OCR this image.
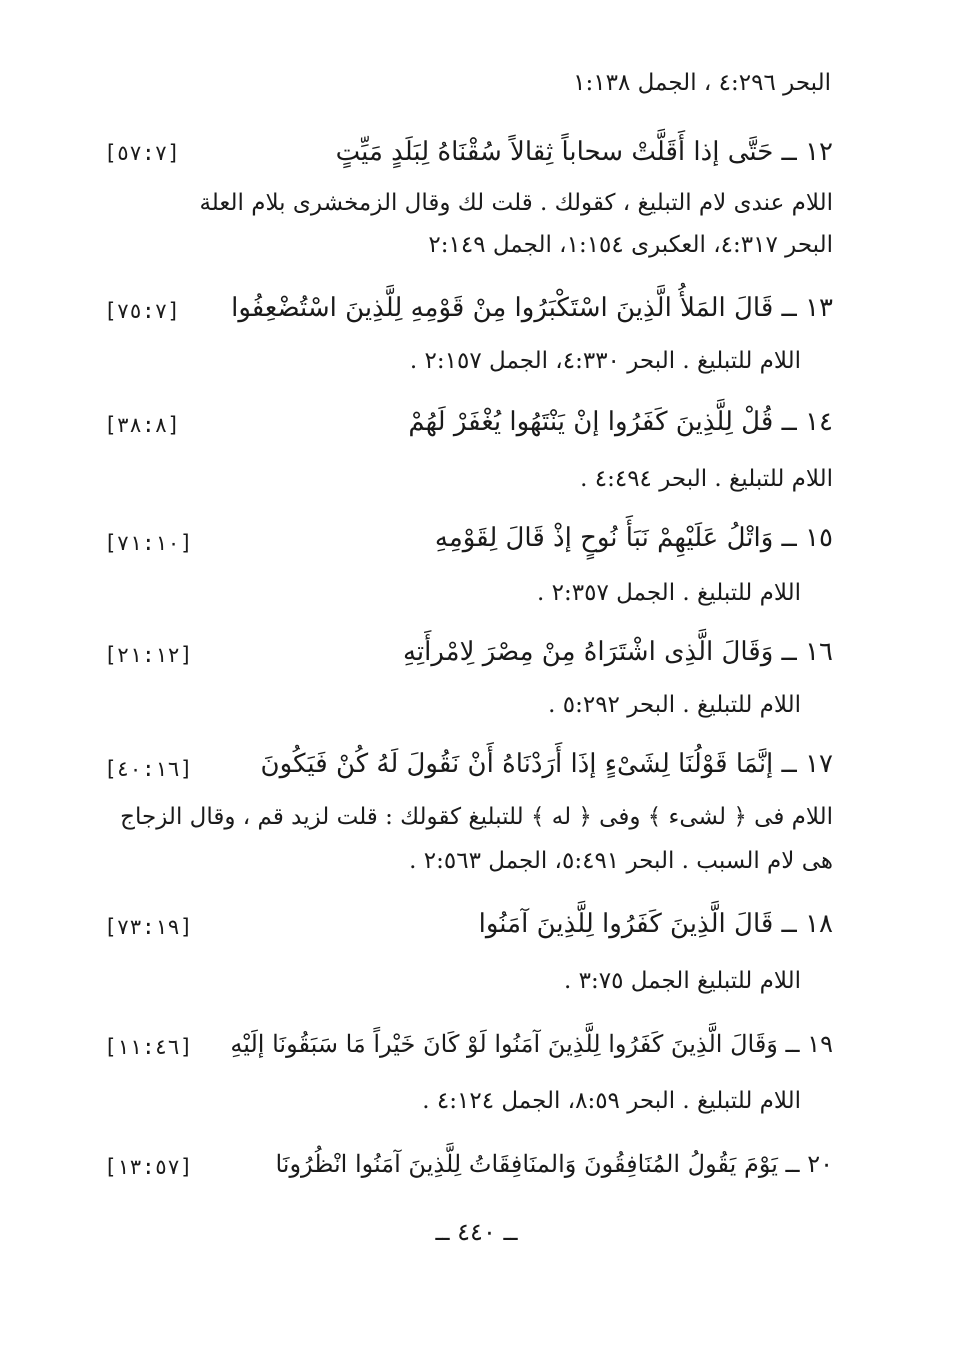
البحر ٤:٢٩٦ ، الجمل ١:١٣٨
١٢ ــ حَتَّى إذا أَقَلَّتْ سحاباً ثِقالاً سُقْنَاهُ لِبَلَدٍ مَيِّتٍ
[٥٧:٧]
اللام عندى لام التبليغ ، كقولك . قلت لك وقال الزمخشرى بلام العلة
البحر ٤:٣١٧، العكبرى ١:١٥٤، الجمل ٢:١٤٩
١٣ ــ قَالَ المَلأُ الَّذِينَ اسْتَكْبَرُوا مِنْ قَوْمِهِ لِلَّذِينَ اسْتُضْعِفُوا
[٧٥:٧]
اللام للتبليغ . البحر ٤:٣٣٠، الجمل ٢:١٥٧ .
١٤ ــ قُلْ لِلَّذِينَ كَفَرُوا إنْ يَنْتَهُوا يُغْفَرْ لَهُمْ
[٣٨:٨]
اللام للتبليغ . البحر ٤:٤٩٤ .
١٥ ــ وَاتْلُ عَلَيْهِمْ نَبَأَ نُوحٍ إذْ قَالَ لِقَوْمِهِ
[٧١:١٠]
اللام للتبليغ . الجمل ٢:٣٥٧ .
١٦ ــ وَقَالَ الَّذِى اشْتَرَاهُ مِنْ مِصْرَ لِامْرأَتِهِ
[٢١:١٢]
اللام للتبليغ . البحر ٥:٢٩٢ .
١٧ ــ إنَّمَا قَوْلُنَا لِشَىْءٍ إذَا أَرَدْنَاهُ أَنْ نَقُولَ لَهُ كُنْ فَيَكُونَ
[٤٠:١٦]
اللام فى ﴿ لشىء ﴾ وفى ﴿ له ﴾ للتبليغ كقولك : قلت لزيد قم ، وقال الزجاج
هى لام السبب . البحر ٥:٤٩١، الجمل ٢:٥٦٣ .
١٨ ــ قَالَ الَّذِينَ كَفَرُوا لِلَّذِينَ آمَنُوا
[٧٣:١٩]
اللام للتبليغ الجمل ٣:٧٥ .
١٩ ــ وَقَالَ الَّذِينَ كَفَرُوا لِلَّذِينَ آمَنُوا لَوْ كَانَ خَيْراً مَا سَبَقُونَا إلَيْهِ
[١١:٤٦]
اللام للتبليغ . البحر ٨:٥٩، الجمل ٤:١٢٤ .
٢٠ ــ يَوْمَ يَقُولُ المُنَافِقُونَ وَالمنَافِقَاتُ لِلَّذِينَ آمَنُوا انْظُرُونَا
[١٣:٥٧]
ــ ٤٤٠ ــ
